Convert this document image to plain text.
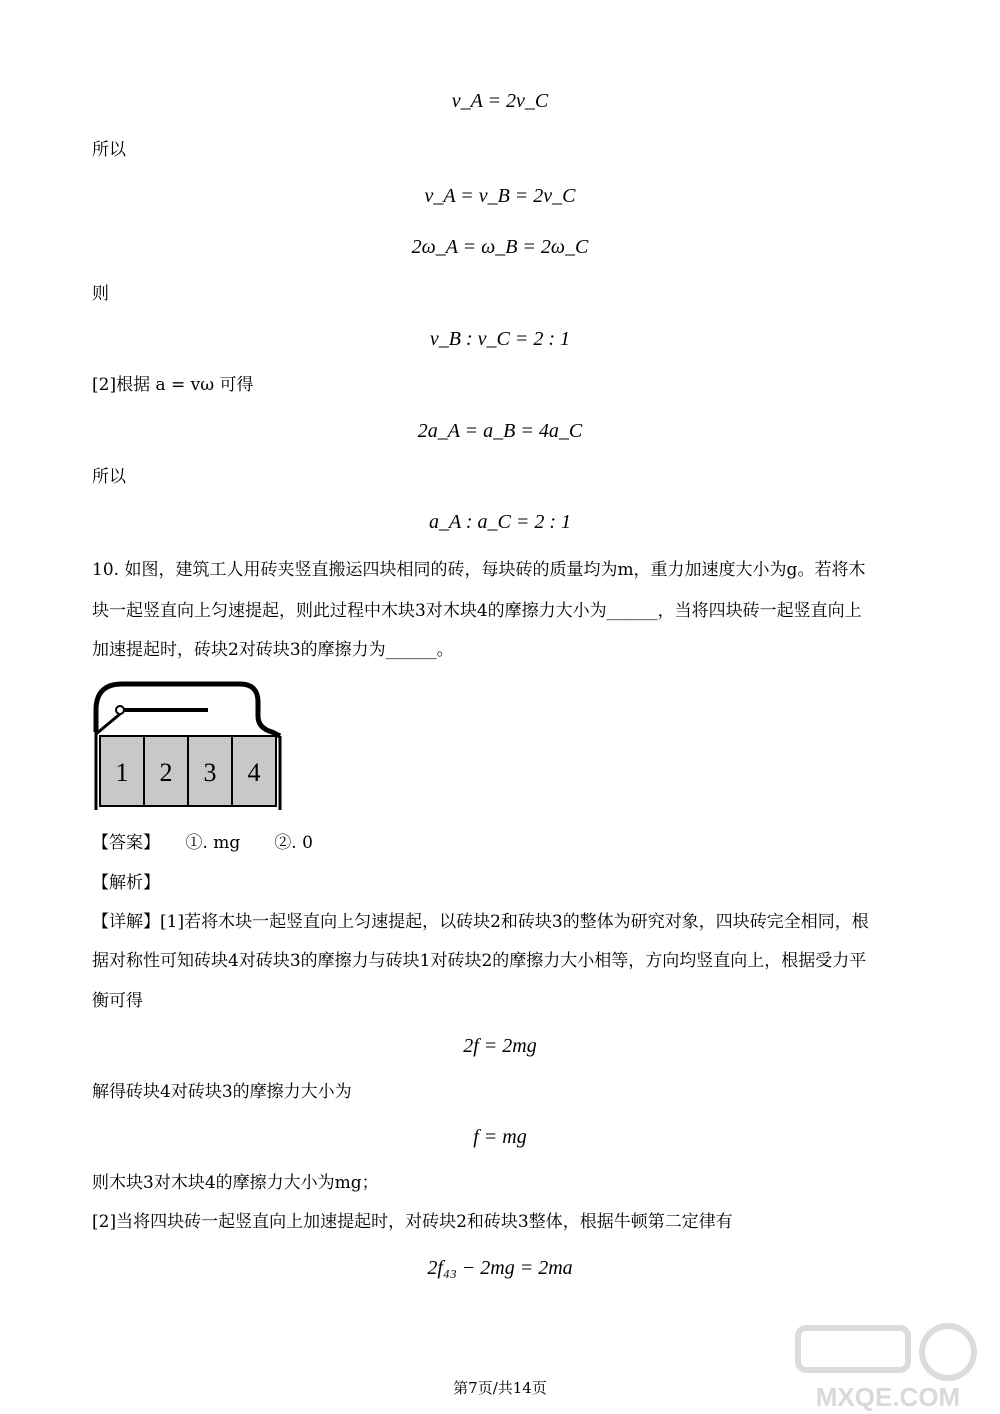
v_A = 2v_C
所以
v_A = v_B = 2v_C
2ω_A = ω_B = 2ω_C
则
v_B : v_C = 2 : 1
[2]根据 a = vω 可得
2a_A = a_B = 4a_C
所以
a_A : a_C = 2 : 1
10. 如图，建筑工人用砖夹竖直搬运四块相同的砖，每块砖的质量均为m，重力加速度大小为g。若将木
块一起竖直向上匀速提起，则此过程中木块3对木块4的摩擦力大小为______，当将四块砖一起竖直向上
加速提起时，砖块2对砖块3的摩擦力为______。
1 2 3 4
【答案】　　①. mg　　②. 0
【解析】
【详解】[1]若将木块一起竖直向上匀速提起，以砖块2和砖块3的整体为研究对象，四块砖完全相同，根
据对称性可知砖块4对砖块3的摩擦力与砖块1对砖块2的摩擦力大小相等，方向均竖直向上，根据受力平
衡可得
2f = 2mg
解得砖块4对砖块3的摩擦力大小为
f = mg
则木块3对木块4的摩擦力大小为mg；
[2]当将四块砖一起竖直向上加速提起时，对砖块2和砖块3整体，根据牛顿第二定律有
2f₄₃ − 2mg = 2ma
第7页/共14页	MXQE.COM
